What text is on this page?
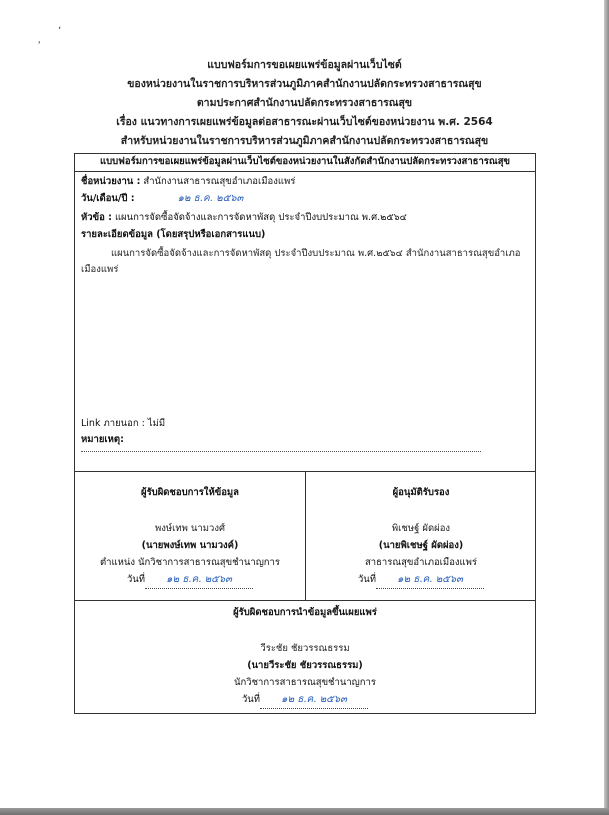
ʼ
˒
แบบฟอร์มการขอเผยแพร่ข้อมูลผ่านเว็บไซต์
ของหน่วยงานในราชการบริหารส่วนภูมิภาคสำนักงานปลัดกระทรวงสาธารณสุข
ตามประกาศสำนักงานปลัดกระทรวงสาธารณสุข
เรื่อง แนวทางการเผยแพร่ข้อมูลต่อสาธารณะผ่านเว็บไซต์ของหน่วยงาน พ.ศ. 2564
สำหรับหน่วยงานในราชการบริหารส่วนภูมิภาคสำนักงานปลัดกระทรวงสาธารณสุข
แบบฟอร์มการขอเผยแพร่ข้อมูลผ่านเว็บไซต์ของหน่วยงานในสังกัดสำนักงานปลัดกระทรวงสาธารณสุข
ชื่อหน่วยงาน : สำนักงานสาธารณสุขอำเภอเมืองแพร่
วัน/เดือน/ปี :	๑๒ ธ.ค. ๒๕๖๓
หัวข้อ : แผนการจัดซื้อจัดจ้างและการจัดหาพัสดุ ประจำปีงบประมาณ พ.ศ.๒๕๖๔
รายละเอียดข้อมูล (โดยสรุปหรือเอกสารแนบ)
แผนการจัดซื้อจัดจ้างและการจัดหาพัสดุ ประจำปีงบประมาณ พ.ศ.๒๕๖๔ สำนักงานสาธารณสุขอำเภอเมืองแพร่
Link ภายนอก : ไม่มี
หมายเหตุ:
ผู้รับผิดชอบการให้ข้อมูล
พงษ์เทพ นามวงศ์
(นายพงษ์เทพ นามวงค์)
ตำแหน่ง นักวิชาการสาธารณสุขชำนาญการ
วันที่ ๑๒ ธ.ค. ๒๕๖๓
ผู้อนุมัติรับรอง
พิเชษฐ์ ผัดผ่อง
(นายพิเชษฐ์ ผัดผ่อง)
สาธารณสุขอำเภอเมืองแพร่
วันที่ ๑๒ ธ.ค. ๒๕๖๓
ผู้รับผิดชอบการนำข้อมูลขึ้นเผยแพร่
วีระชัย ชัยวรรณธรรม
(นายวีระชัย ชัยวรรณธรรม)
นักวิชาการสาธารณสุขชำนาญการ
วันที่ ๑๒ ธ.ค. ๒๕๖๓
